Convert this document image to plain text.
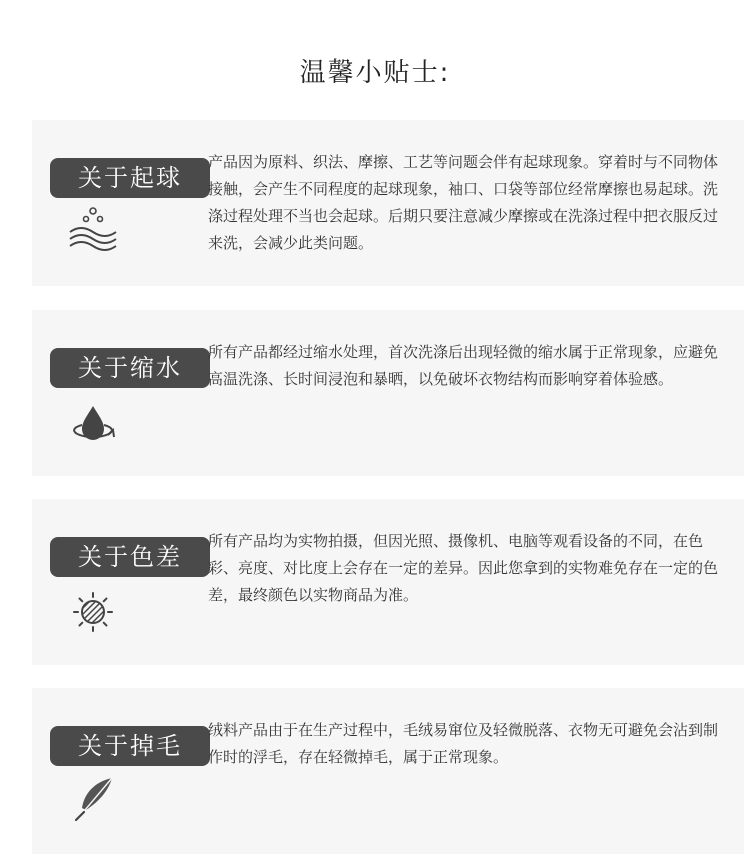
温馨小贴士:
关于起球

产品因为原料、织法、摩擦、工艺等问题会伴有起球现象。穿着时与不同物体接触，会产生不同程度的起球现象，袖口、口袋等部位经常摩擦也易起球。洗涤过程处理不当也会起球。后期只要注意减少摩擦或在洗涤过程中把衣服反过来洗，会减少此类问题。

关于缩水

所有产品都经过缩水处理，首次洗涤后出现轻微的缩水属于正常现象，应避免高温洗涤、长时间浸泡和暴晒，以免破坏衣物结构而影响穿着体验感。

关于色差

所有产品均为实物拍摄，但因光照、摄像机、电脑等观看设备的不同，在色彩、亮度、对比度上会存在一定的差异。因此您拿到的实物难免存在一定的色差，最终颜色以实物商品为准。

关于掉毛

绒料产品由于在生产过程中，毛绒易窜位及轻微脱落、衣物无可避免会沾到制作时的浮毛，存在轻微掉毛，属于正常现象。
